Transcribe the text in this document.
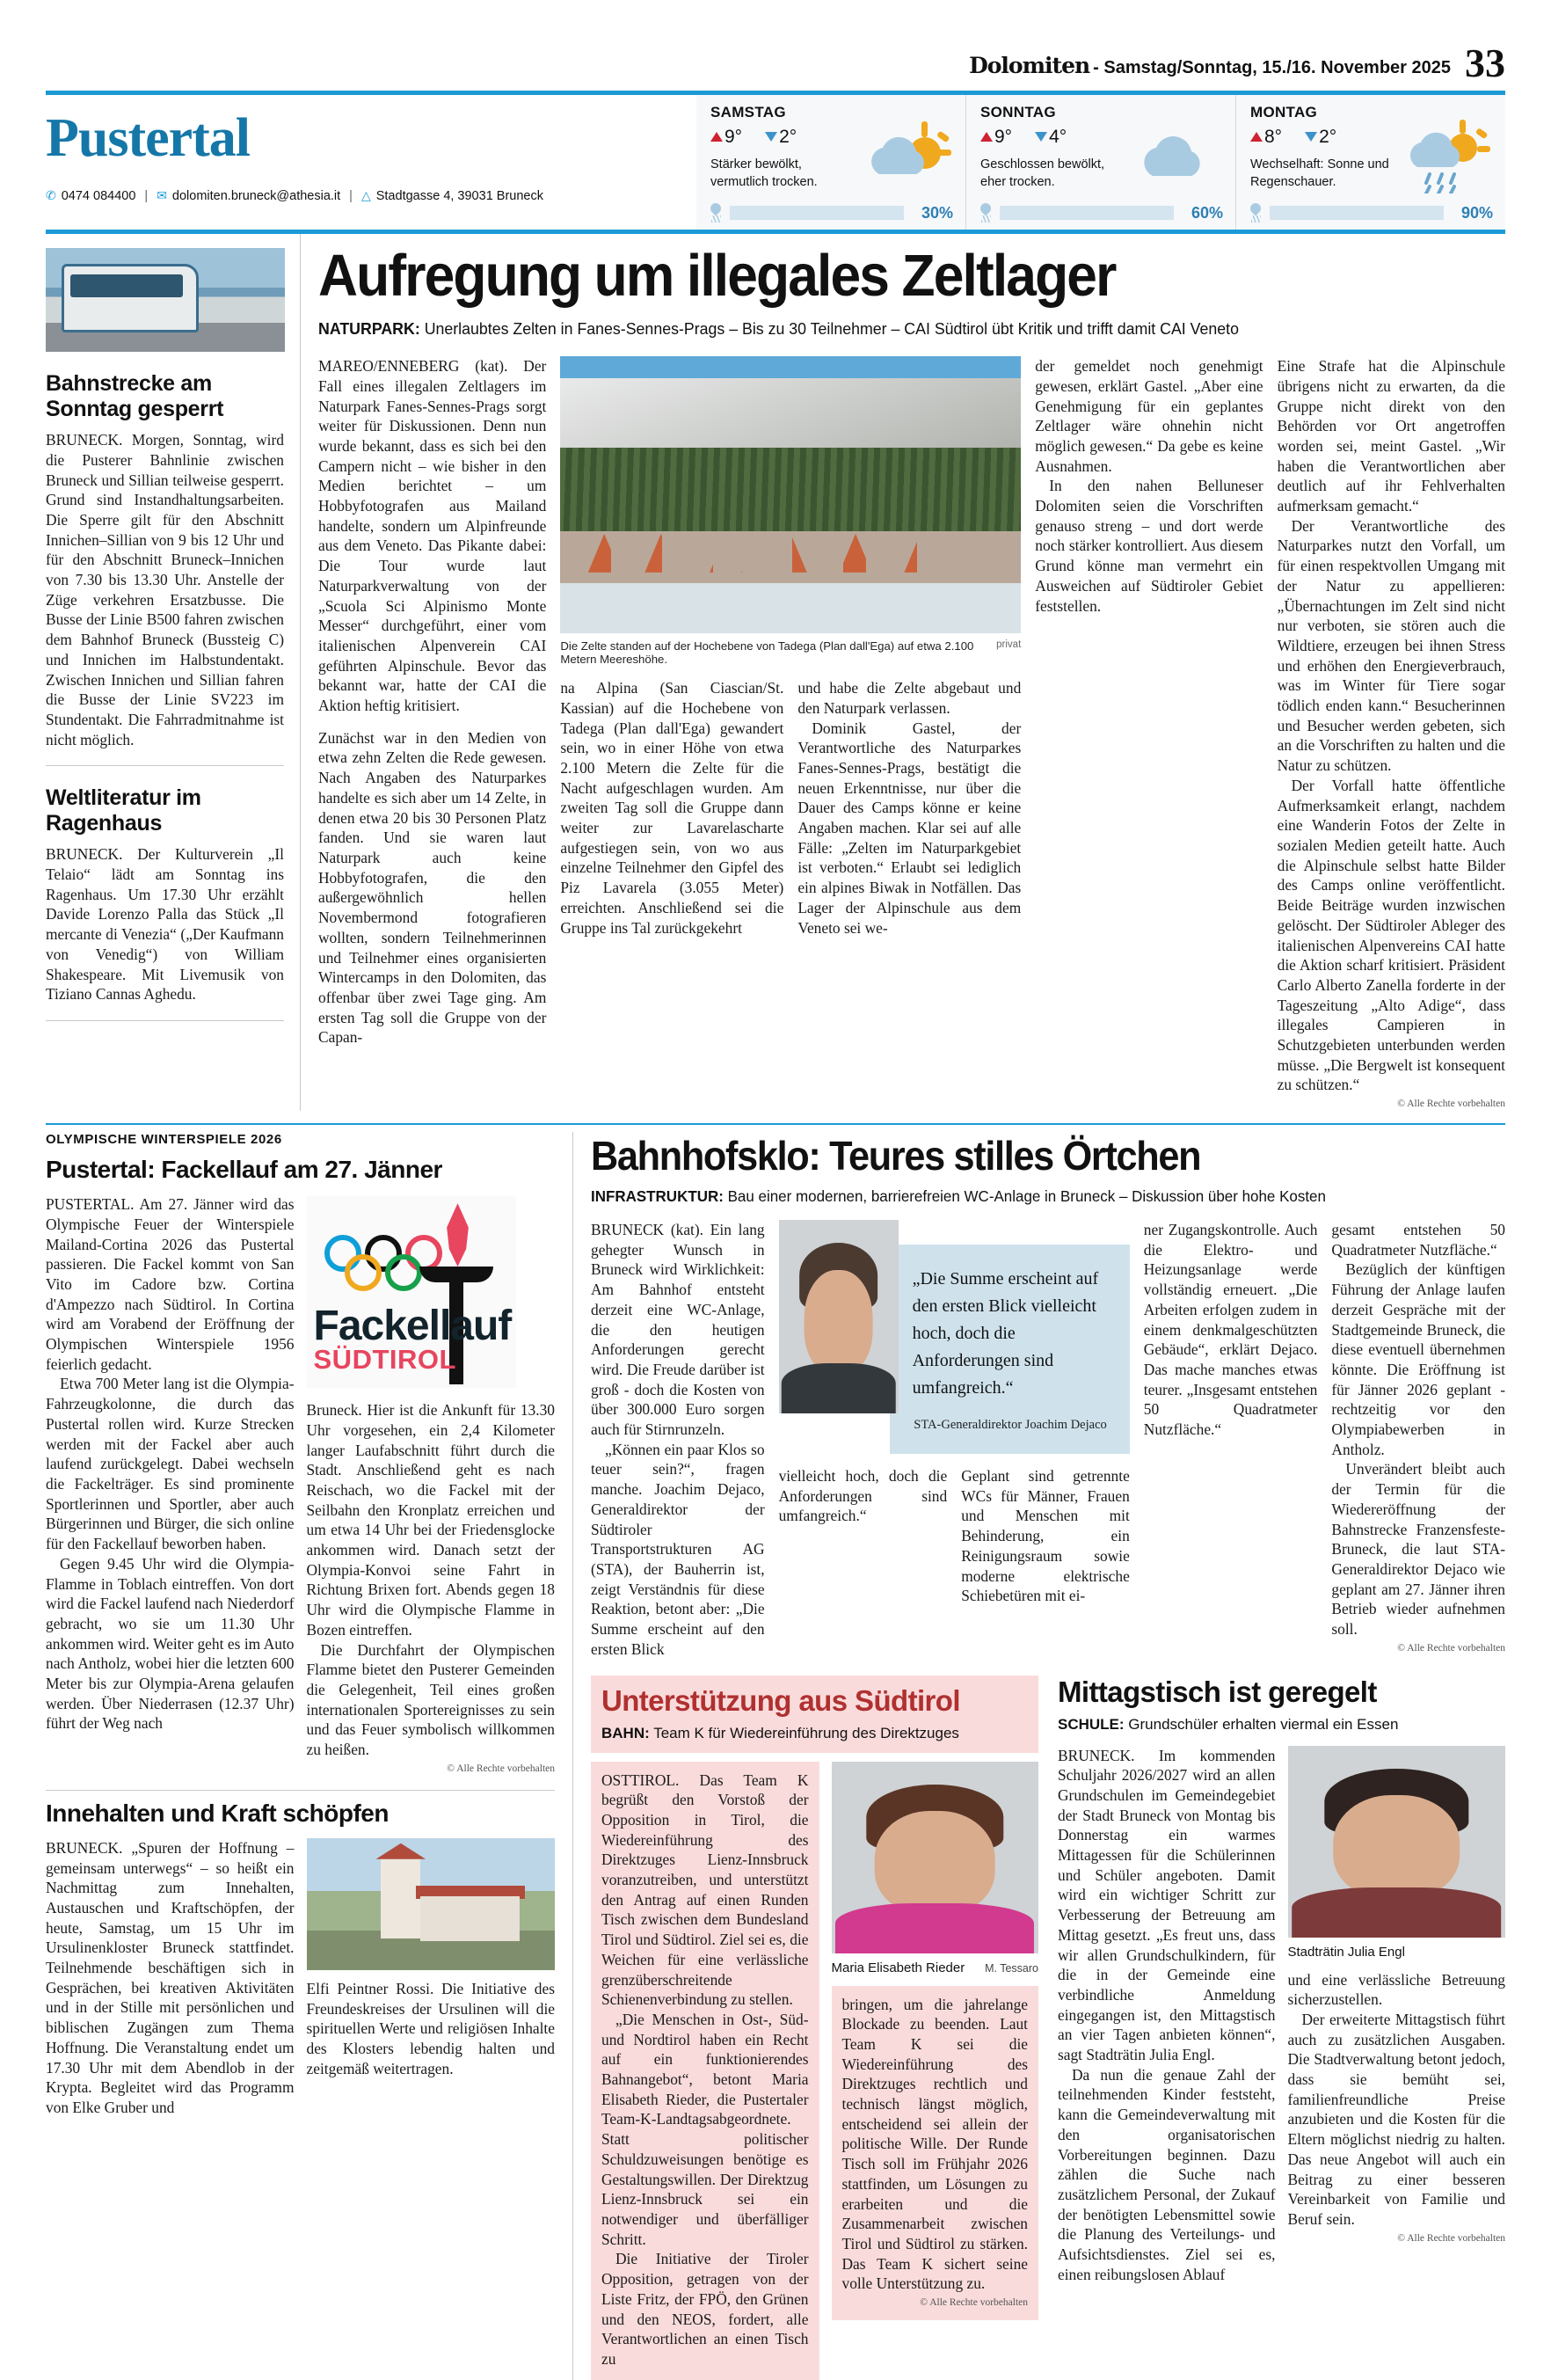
Dolomiten - Samstag/Sonntag, 15./16. November 2025 33
Pustertal
✆ 0474 084400 | ✉ dolomiten.bruneck@athesia.it | △ Stadtgasse 4, 39031 Bruneck
SAMSTAG
9°	2°
Stärker bewölkt, vermutlich trocken.
30%
SONNTAG
9°	4°
Geschlossen bewölkt, eher trocken.
60%
MONTAG
8°	2°
Wechselhaft: Sonne und Regenschauer.
90%
Bahnstrecke am Sonntag gesperrt

BRUNECK. Morgen, Sonntag, wird die Pusterer Bahnlinie zwischen Bruneck und Sillian teilweise gesperrt. Grund sind Instandhaltungsarbeiten. Die Sperre gilt für den Abschnitt Innichen–Sillian von 9 bis 12 Uhr und für den Abschnitt Bruneck–Innichen von 7.30 bis 13.30 Uhr. Anstelle der Züge verkehren Ersatzbusse. Die Busse der Linie B500 fahren zwischen dem Bahnhof Bruneck (Bussteig C) und Innichen im Halbstundentakt. Zwischen Innichen und Sillian fahren die Busse der Linie SV223 im Stundentakt. Die Fahrradmitnahme ist nicht möglich.

Weltliteratur im Ragenhaus

BRUNECK. Der Kulturverein „Il Telaio“ lädt am Sonntag ins Ragenhaus. Um 17.30 Uhr erzählt Davide Lorenzo Palla das Stück „Il mercante di Venezia“ („Der Kaufmann von Venedig“) von William Shakespeare. Mit Livemusik von Tiziano Cannas Aghedu.

Aufregung um illegales Zeltlager

NATURPARK: Unerlaubtes Zelten in Fanes-Sennes-Prags – Bis zu 30 Teilnehmer – CAI Südtirol übt Kritik und trifft damit CAI Veneto

MAREO/ENNEBERG (kat). Der Fall eines illegalen Zeltlagers im Naturpark Fanes-Sennes-Prags sorgt weiter für Diskussionen. Denn nun wurde bekannt, dass es sich bei den Campern nicht – wie bisher in den Medien berichtet – um Hobbyfotografen aus Mailand handelte, sondern um Alpinfreunde aus dem Veneto. Das Pikante dabei: Die Tour wurde laut Naturparkverwaltung von der „Scuola Sci Alpinismo Monte Messer“ durchgeführt, einer vom italienischen Alpenverein CAI geführten Alpinschule. Bevor das bekannt war, hatte der CAI die Aktion heftig kritisiert.

Zunächst war in den Medien von etwa zehn Zelten die Rede gewesen. Nach Angaben des Naturparkes handelte es sich aber um 14 Zelte, in denen etwa 20 bis 30 Personen Platz fanden. Und sie waren laut Naturpark auch keine Hobbyfotografen, die den außergewöhnlich hellen Novembermond fotografieren wollten, sondern Teilnehmerinnen und Teilnehmer eines organisierten Wintercamps in den Dolomiten, das offenbar über zwei Tage ging. Am ersten Tag soll die Gruppe von der Capan-

Die Zelte standen auf der Hochebene von Tadega (Plan dall'Ega) auf etwa 2.100 Metern Meereshöhe.
privat

na Alpina (San Ciascian/St. Kassian) auf die Hochebene von Tadega (Plan dall'Ega) gewandert sein, wo in einer Höhe von etwa 2.100 Metern die Zelte für die Nacht aufgeschlagen wurden. Am zweiten Tag soll die Gruppe dann weiter zur Lavarelascharte aufgestiegen sein, von wo aus einzelne Teilnehmer den Gipfel des Piz Lavarela (3.055 Meter) erreichten. Anschließend sei die Gruppe ins Tal zurückgekehrt

und habe die Zelte abgebaut und den Naturpark verlassen.

Dominik Gastel, der Verantwortliche des Naturparkes Fanes-Sennes-Prags, bestätigt die neuen Erkenntnisse, nur über die Dauer des Camps könne er keine Angaben machen. Klar sei auf alle Fälle: „Zelten im Naturparkgebiet ist verboten.“ Erlaubt sei lediglich ein alpines Biwak in Notfällen. Das Lager der Alpinschule aus dem Veneto sei we-

der gemeldet noch genehmigt gewesen, erklärt Gastel. „Aber eine Genehmigung für ein geplantes Zeltlager wäre ohnehin nicht möglich gewesen.“ Da gebe es keine Ausnahmen.

In den nahen Belluneser Dolomiten seien die Vorschriften genauso streng – und dort werde noch stärker kontrolliert. Aus diesem Grund könne man vermehrt ein Ausweichen auf Südtiroler Gebiet feststellen.

Eine Strafe hat die Alpinschule übrigens nicht zu erwarten, da die Gruppe nicht direkt von den Behörden vor Ort angetroffen worden sei, meint Gastel. „Wir haben die Verantwortlichen aber deutlich auf ihr Fehlverhalten aufmerksam gemacht.“

Der Verantwortliche des Naturparkes nutzt den Vorfall, um für einen respektvollen Umgang mit der Natur zu appellieren: „Übernachtungen im Zelt sind nicht nur verboten, sie stören auch die Wildtiere, erzeugen bei ihnen Stress und erhöhen den Energieverbrauch, was im Winter für Tiere sogar tödlich enden kann.“ Besucherinnen und Besucher werden gebeten, sich an die Vorschriften zu halten und die Natur zu schützen.

Der Vorfall hatte öffentliche Aufmerksamkeit erlangt, nachdem eine Wanderin Fotos der Zelte in sozialen Medien geteilt hatte. Auch die Alpinschule selbst hatte Bilder des Camps online veröffentlicht. Beide Beiträge wurden inzwischen gelöscht. Der Südtiroler Ableger des italienischen Alpenvereins CAI hatte die Aktion scharf kritisiert. Präsident Carlo Alberto Zanella forderte in der Tageszeitung „Alto Adige“, dass illegales Campieren in Schutzgebieten unterbunden werden müsse. „Die Bergwelt ist konsequent zu schützen.“

© Alle Rechte vorbehalten
OLYMPISCHE WINTERSPIELE 2026
Pustertal: Fackellauf am 27. Jänner

PUSTERTAL. Am 27. Jänner wird das Olympische Feuer der Winterspiele Mailand-Cortina 2026 das Pustertal passieren. Die Fackel kommt von San Vito im Cadore bzw. Cortina d'Ampezzo nach Südtirol. In Cortina wird am Vorabend der Eröffnung der Olympischen Winterspiele 1956 feierlich gedacht.

Etwa 700 Meter lang ist die Olympia-Fahrzeugkolonne, die durch das Pustertal rollen wird. Kurze Strecken werden mit der Fackel aber auch laufend zurückgelegt. Dabei wechseln die Fackelträger. Es sind prominente Sportlerinnen und Sportler, aber auch Bürgerinnen und Bürger, die sich online für den Fackellauf beworben haben.

Gegen 9.45 Uhr wird die Olympia-Flamme in Toblach eintreffen. Von dort wird die Fackel laufend nach Niederdorf gebracht, wo sie um 11.30 Uhr ankommen wird. Weiter geht es im Auto nach Antholz, wobei hier die letzten 600 Meter bis zur Olympia-Arena gelaufen werden. Über Niederrasen (12.37 Uhr) führt der Weg nach

Fackellauf
SÜDTIROL

Bruneck. Hier ist die Ankunft für 13.30 Uhr vorgesehen, ein 2,4 Kilometer langer Laufabschnitt führt durch die Stadt. Anschließend geht es nach Reischach, wo die Fackel mit der Seilbahn den Kronplatz erreichen und um etwa 14 Uhr bei der Friedensglocke ankommen wird. Danach setzt der Olympia-Konvoi seine Fahrt in Richtung Brixen fort. Abends gegen 18 Uhr wird die Olympische Flamme in Bozen eintreffen.

Die Durchfahrt der Olympischen Flamme bietet den Pusterer Gemeinden die Gelegenheit, Teil eines großen internationalen Sportereignisses zu sein und das Feuer symbolisch willkommen zu heißen.

© Alle Rechte vorbehalten
Innehalten und Kraft schöpfen

BRUNECK. „Spuren der Hoffnung – gemeinsam unterwegs“ – so heißt ein Nachmittag zum Innehalten, Austauschen und Kraftschöpfen, der heute, Samstag, um 15 Uhr im Ursulinenkloster Bruneck stattfindet. Teilnehmende beschäftigen sich in Gesprächen, bei kreativen Aktivitäten und in der Stille mit persönlichen und biblischen Zugängen zum Thema Hoffnung. Die Veranstaltung endet um 17.30 Uhr mit dem Abendlob in der Krypta. Begleitet wird das Programm von Elke Gruber und

Elfi Peintner Rossi. Die Initiative des Freundeskreises der Ursulinen will die spirituellen Werte und religiösen Inhalte des Klosters lebendig halten und zeitgemäß weitertragen.

Bahnhofsklo: Teures stilles Örtchen

INFRASTRUKTUR: Bau einer modernen, barrierefreien WC-Anlage in Bruneck – Diskussion über hohe Kosten

BRUNECK (kat). Ein lang gehegter Wunsch in Bruneck wird Wirklichkeit: Am Bahnhof entsteht derzeit eine WC-Anlage, die den heutigen Anforderungen gerecht wird. Die Freude darüber ist groß - doch die Kosten von über 300.000 Euro sorgen auch für Stirnrunzeln.

„Können ein paar Klos so teuer sein?“, fragen manche. Joachim Dejaco, Generaldirektor der Südtiroler Transportstrukturen AG (STA), der Bauherrin ist, zeigt Verständnis für diese Reaktion, betont aber: „Die Summe erscheint auf den ersten Blick

„Die Summe erscheint auf den ersten Blick vielleicht hoch, doch die Anforderungen sind umfangreich.“

STA-Generaldirektor Joachim Dejaco

vielleicht hoch, doch die Anforderungen sind umfangreich.“

Geplant sind getrennte WCs für Männer, Frauen und Menschen mit Behinderung, ein Reinigungsraum sowie moderne elektrische Schiebetüren mit ei-

ner Zugangskontrolle. Auch die Elektro- und Heizungsanlage werde vollständig erneuert. „Die Arbeiten erfolgen zudem in einem denkmalgeschützten Gebäude“, erklärt Dejaco. Das mache manches etwas teurer. „Insgesamt entstehen 50 Quadratmeter Nutzfläche.“

gesamt entstehen 50 Quadratmeter Nutzfläche.“

Bezüglich der künftigen Führung der Anlage laufen derzeit Gespräche mit der Stadtgemeinde Bruneck, die diese eventuell übernehmen könnte. Die Eröffnung ist für Jänner 2026 geplant - rechtzeitig vor den Olympiabewerben in Antholz.

Unverändert bleibt auch der Termin für die Wiedereröffnung der Bahnstrecke Franzensfeste-Bruneck, die laut STA-Generaldirektor Dejaco wie geplant am 27. Jänner ihren Betrieb wieder aufnehmen soll.

© Alle Rechte vorbehalten
Unterstützung aus Südtirol

BAHN: Team K für Wiedereinführung des Direktzuges

OSTTIROL. Das Team K begrüßt den Vorstoß der Opposition in Tirol, die Wiedereinführung des Direktzuges Lienz-Innsbruck voranzutreiben, und unterstützt den Antrag auf einen Runden Tisch zwischen dem Bundesland Tirol und Südtirol. Ziel sei es, die Weichen für eine verlässliche grenzüberschreitende Schienenverbindung zu stellen.

„Die Menschen in Ost-, Süd- und Nordtirol haben ein Recht auf ein funktionierendes Bahnangebot“, betont Maria Elisabeth Rieder, die Pustertaler Team-K-Landtagsabgeordnete. Statt politischer Schuldzuweisungen benötige es Gestaltungswillen. Der Direktzug Lienz-Innsbruck sei ein notwendiger und überfälliger Schritt.

Die Initiative der Tiroler Opposition, getragen von der Liste Fritz, der FPÖ, den Grünen und den NEOS, fordert, alle Verantwortlichen an einen Tisch zu

Maria Elisabeth Rieder M. Tessaro

bringen, um die jahrelange Blockade zu beenden. Laut Team K sei die Wiedereinführung des Direktzuges rechtlich und technisch längst möglich, entscheidend sei allein der politische Wille. Der Runde Tisch soll im Frühjahr 2026 stattfinden, um Lösungen zu erarbeiten und die Zusammenarbeit zwischen Tirol und Südtirol zu stärken. Das Team K sichert seine volle Unterstützung zu.

© Alle Rechte vorbehalten
Mittagstisch ist geregelt

SCHULE: Grundschüler erhalten viermal ein Essen

BRUNECK. Im kommenden Schuljahr 2026/2027 wird an allen Grundschulen im Gemeindegebiet der Stadt Bruneck von Montag bis Donnerstag ein warmes Mittagessen für die Schülerinnen und Schüler angeboten. Damit wird ein wichtiger Schritt zur Verbesserung der Betreuung am Mittag gesetzt. „Es freut uns, dass wir allen Grundschulkindern, für die in der Gemeinde eine verbindliche Anmeldung eingegangen ist, den Mittagstisch an vier Tagen anbieten können“, sagt Stadträtin Julia Engl.

Da nun die genaue Zahl der teilnehmenden Kinder feststeht, kann die Gemeindeverwaltung mit den organisatorischen Vorbereitungen beginnen. Dazu zählen die Suche nach zusätzlichem Personal, der Zukauf der benötigten Lebensmittel sowie die Planung des Verteilungs- und Aufsichtsdienstes. Ziel sei es, einen reibungslosen Ablauf

Stadträtin Julia Engl

und eine verlässliche Betreuung sicherzustellen.

Der erweiterte Mittagstisch führt auch zu zusätzlichen Ausgaben. Die Stadtverwaltung betont jedoch, dass sie bemüht sei, familienfreundliche Preise anzubieten und die Kosten für die Eltern möglichst niedrig zu halten. Das neue Angebot will auch ein Beitrag zu einer besseren Vereinbarkeit von Familie und Beruf sein.

© Alle Rechte vorbehalten
